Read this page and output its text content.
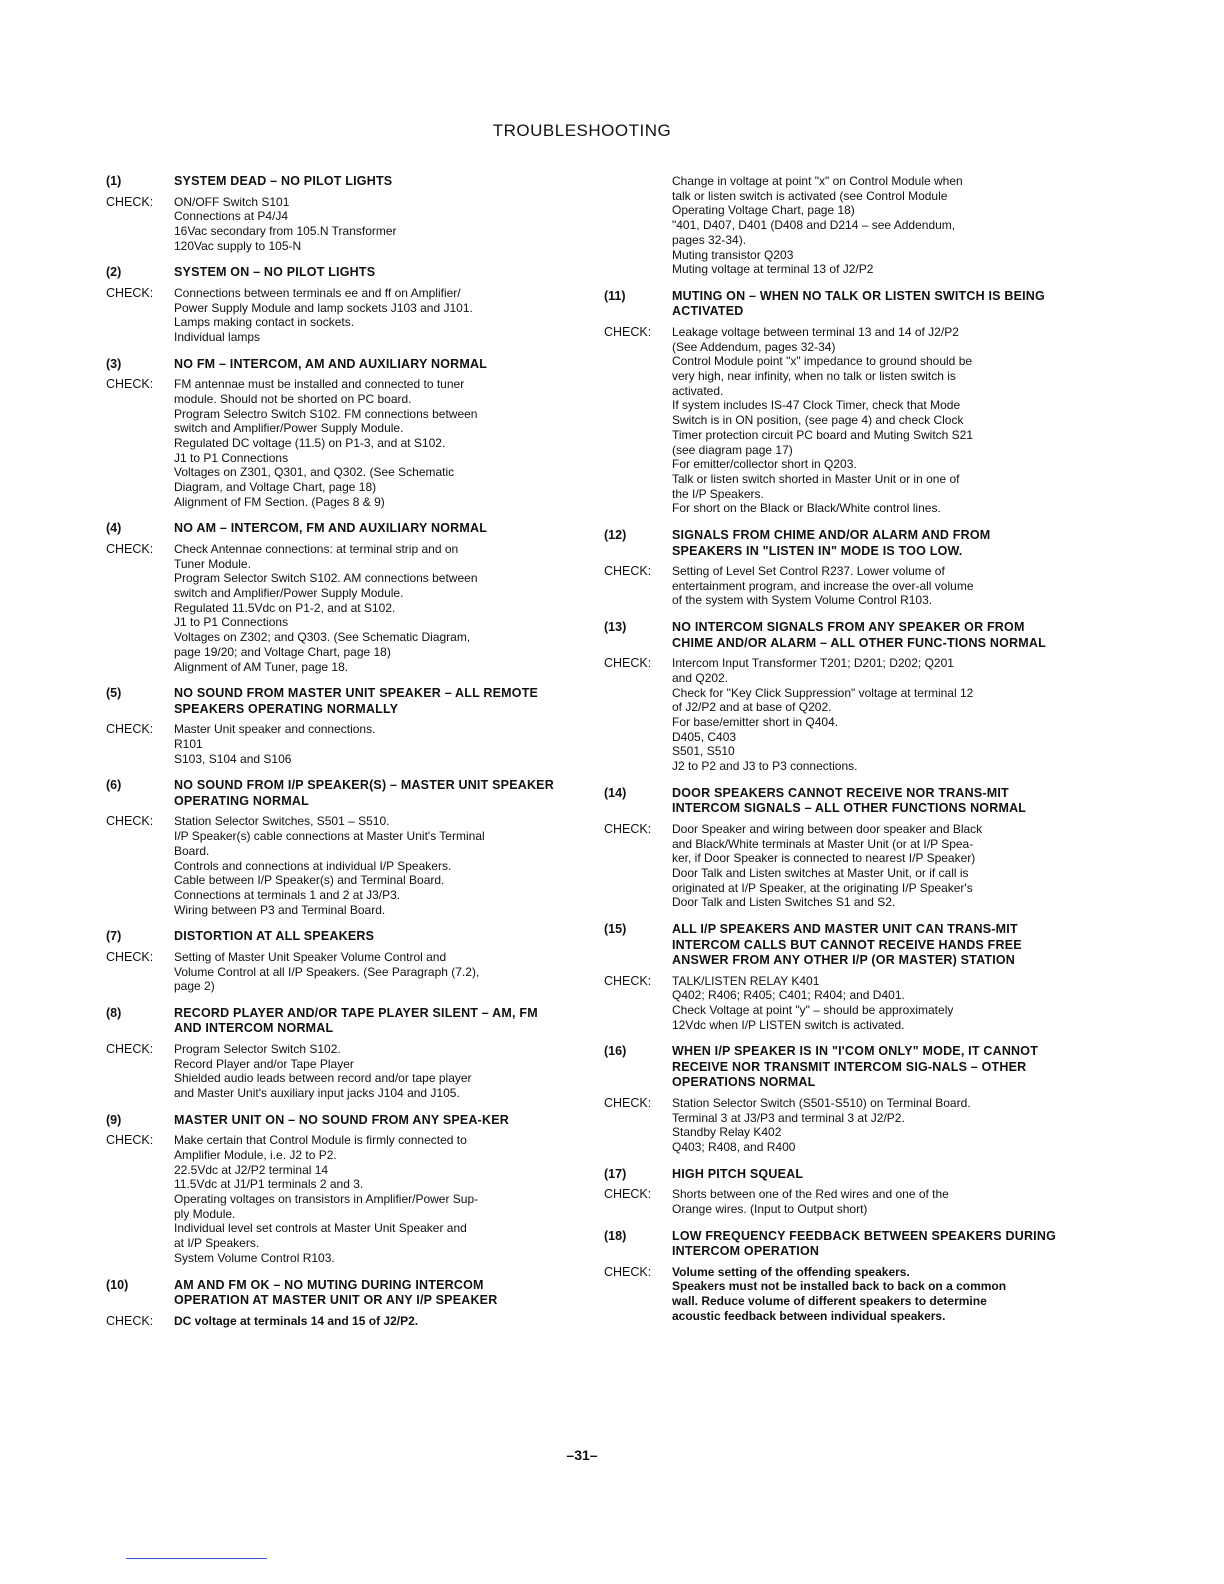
TROUBLESHOOTING
(1)	SYSTEM DEAD – NO PILOT LIGHTS
CHECK:	ON/OFF Switch S101
Connections at P4/J4
16Vac secondary from 105.N Transformer
120Vac supply to 105-N
(2)	SYSTEM ON – NO PILOT LIGHTS
CHECK:	Connections between terminals ee and ff on Amplifier/
Power Supply Module and lamp sockets J103 and J101.
Lamps making contact in sockets.
Individual lamps
(3)	NO FM – INTERCOM, AM AND AUXILIARY NORMAL
CHECK:	FM antennae must be installed and connected to tuner
module. Should not be shorted on PC board.
Program Selectro Switch S102. FM connections between
switch and Amplifier/Power Supply Module.
Regulated DC voltage (11.5) on P1-3, and at S102.
J1 to P1 Connections
Voltages on Z301, Q301, and Q302. (See Schematic
Diagram, and Voltage Chart, page 18)
Alignment of FM Section. (Pages 8 & 9)
(4)	NO AM – INTERCOM, FM AND AUXILIARY NORMAL
CHECK:	Check Antennae connections: at terminal strip and on
Tuner Module.
Program Selector Switch S102. AM connections between
switch and Amplifier/Power Supply Module.
Regulated 11.5Vdc on P1-2, and at S102.
J1 to P1 Connections
Voltages on Z302; and Q303. (See Schematic Diagram,
page 19/20; and Voltage Chart, page 18)
Alignment of AM Tuner, page 18.
(5)	NO SOUND FROM MASTER UNIT SPEAKER – ALL REMOTE SPEAKERS OPERATING NORMALLY
CHECK:	Master Unit speaker and connections.
R101
S103, S104 and S106
(6)	NO SOUND FROM I/P SPEAKER(S) – MASTER UNIT SPEAKER OPERATING NORMAL
CHECK:	Station Selector Switches, S501 – S510.
I/P Speaker(s) cable connections at Master Unit's Terminal
Board.
Controls and connections at individual I/P Speakers.
Cable between I/P Speaker(s) and Terminal Board.
Connections at terminals 1 and 2 at J3/P3.
Wiring between P3 and Terminal Board.
(7)	DISTORTION AT ALL SPEAKERS
CHECK:	Setting of Master Unit Speaker Volume Control and
Volume Control at all I/P Speakers. (See Paragraph (7.2),
page 2)
(8)	RECORD PLAYER AND/OR TAPE PLAYER SILENT – AM, FM AND INTERCOM NORMAL
CHECK:	Program Selector Switch S102.
Record Player and/or Tape Player
Shielded audio leads between record and/or tape player
and Master Unit's auxiliary input jacks J104 and J105.
(9)	MASTER UNIT ON – NO SOUND FROM ANY SPEA-KER
CHECK:	Make certain that Control Module is firmly connected to
Amplifier Module, i.e. J2 to P2.
22.5Vdc at J2/P2 terminal 14
11.5Vdc at J1/P1 terminals 2 and 3.
Operating voltages on transistors in Amplifier/Power Sup-
ply Module.
Individual level set controls at Master Unit Speaker and
at I/P Speakers.
System Volume Control R103.
(10)	AM AND FM OK – NO MUTING DURING INTERCOM OPERATION AT MASTER UNIT OR ANY I/P SPEAKER
CHECK:	DC voltage at terminals 14 and 15 of J2/P2.
Change in voltage at point "x" on Control Module when
talk or listen switch is activated (see Control Module
Operating Voltage Chart, page 18)
"401, D407, D401 (D408 and D214 – see Addendum,
pages 32-34).
Muting transistor Q203
Muting voltage at terminal 13 of J2/P2
(11)	MUTING ON – WHEN NO TALK OR LISTEN SWITCH IS BEING ACTIVATED
CHECK:	Leakage voltage between terminal 13 and 14 of J2/P2
(See Addendum, pages 32-34)
Control Module point "x" impedance to ground should be
very high, near infinity, when no talk or listen switch is
activated.
If system includes IS-47 Clock Timer, check that Mode
Switch is in ON position, (see page 4) and check Clock
Timer protection circuit PC board and Muting Switch S21
(see diagram page 17)
For emitter/collector short in Q203.
Talk or listen switch shorted in Master Unit or in one of
the I/P Speakers.
For short on the Black or Black/White control lines.
(12)	SIGNALS FROM CHIME AND/OR ALARM AND FROM SPEAKERS IN "LISTEN IN" MODE IS TOO LOW.
CHECK:	Setting of Level Set Control R237. Lower volume of
entertainment program, and increase the over-all volume
of the system with System Volume Control R103.
(13)	NO INTERCOM SIGNALS FROM ANY SPEAKER OR FROM CHIME AND/OR ALARM – ALL OTHER FUNC-TIONS NORMAL
CHECK:	Intercom Input Transformer T201; D201; D202; Q201
and Q202.
Check for "Key Click Suppression" voltage at terminal 12
of J2/P2 and at base of Q202.
For base/emitter short in Q404.
D405, C403
S501, S510
J2 to P2 and J3 to P3 connections.
(14)	DOOR SPEAKERS CANNOT RECEIVE NOR TRANS-MIT INTERCOM SIGNALS – ALL OTHER FUNCTIONS NORMAL
CHECK:	Door Speaker and wiring between door speaker and Black
and Black/White terminals at Master Unit (or at I/P Spea-
ker, if Door Speaker is connected to nearest I/P Speaker)
Door Talk and Listen switches at Master Unit, or if call is
originated at I/P Speaker, at the originating I/P Speaker's
Door Talk and Listen Switches S1 and S2.
(15)	ALL I/P SPEAKERS AND MASTER UNIT CAN TRANS-MIT INTERCOM CALLS BUT CANNOT RECEIVE HANDS FREE ANSWER FROM ANY OTHER I/P (OR MASTER) STATION
CHECK:	TALK/LISTEN RELAY K401
Q402; R406; R405; C401; R404; and D401.
Check Voltage at point "y" – should be approximately
12Vdc when I/P LISTEN switch is activated.
(16)	WHEN I/P SPEAKER IS IN "I'COM ONLY" MODE, IT CANNOT RECEIVE NOR TRANSMIT INTERCOM SIG-NALS – OTHER OPERATIONS NORMAL
CHECK:	Station Selector Switch (S501-S510) on Terminal Board.
Terminal 3 at J3/P3 and terminal 3 at J2/P2.
Standby Relay K402
Q403; R408, and R400
(17)	HIGH PITCH SQUEAL
CHECK:	Shorts between one of the Red wires and one of the
Orange wires. (Input to Output short)
(18)	LOW FREQUENCY FEEDBACK BETWEEN SPEAKERS DURING INTERCOM OPERATION
CHECK:	Volume setting of the offending speakers.
Speakers must not be installed back to back on a common
wall. Reduce volume of different speakers to determine
acoustic feedback between individual speakers.
–31–
